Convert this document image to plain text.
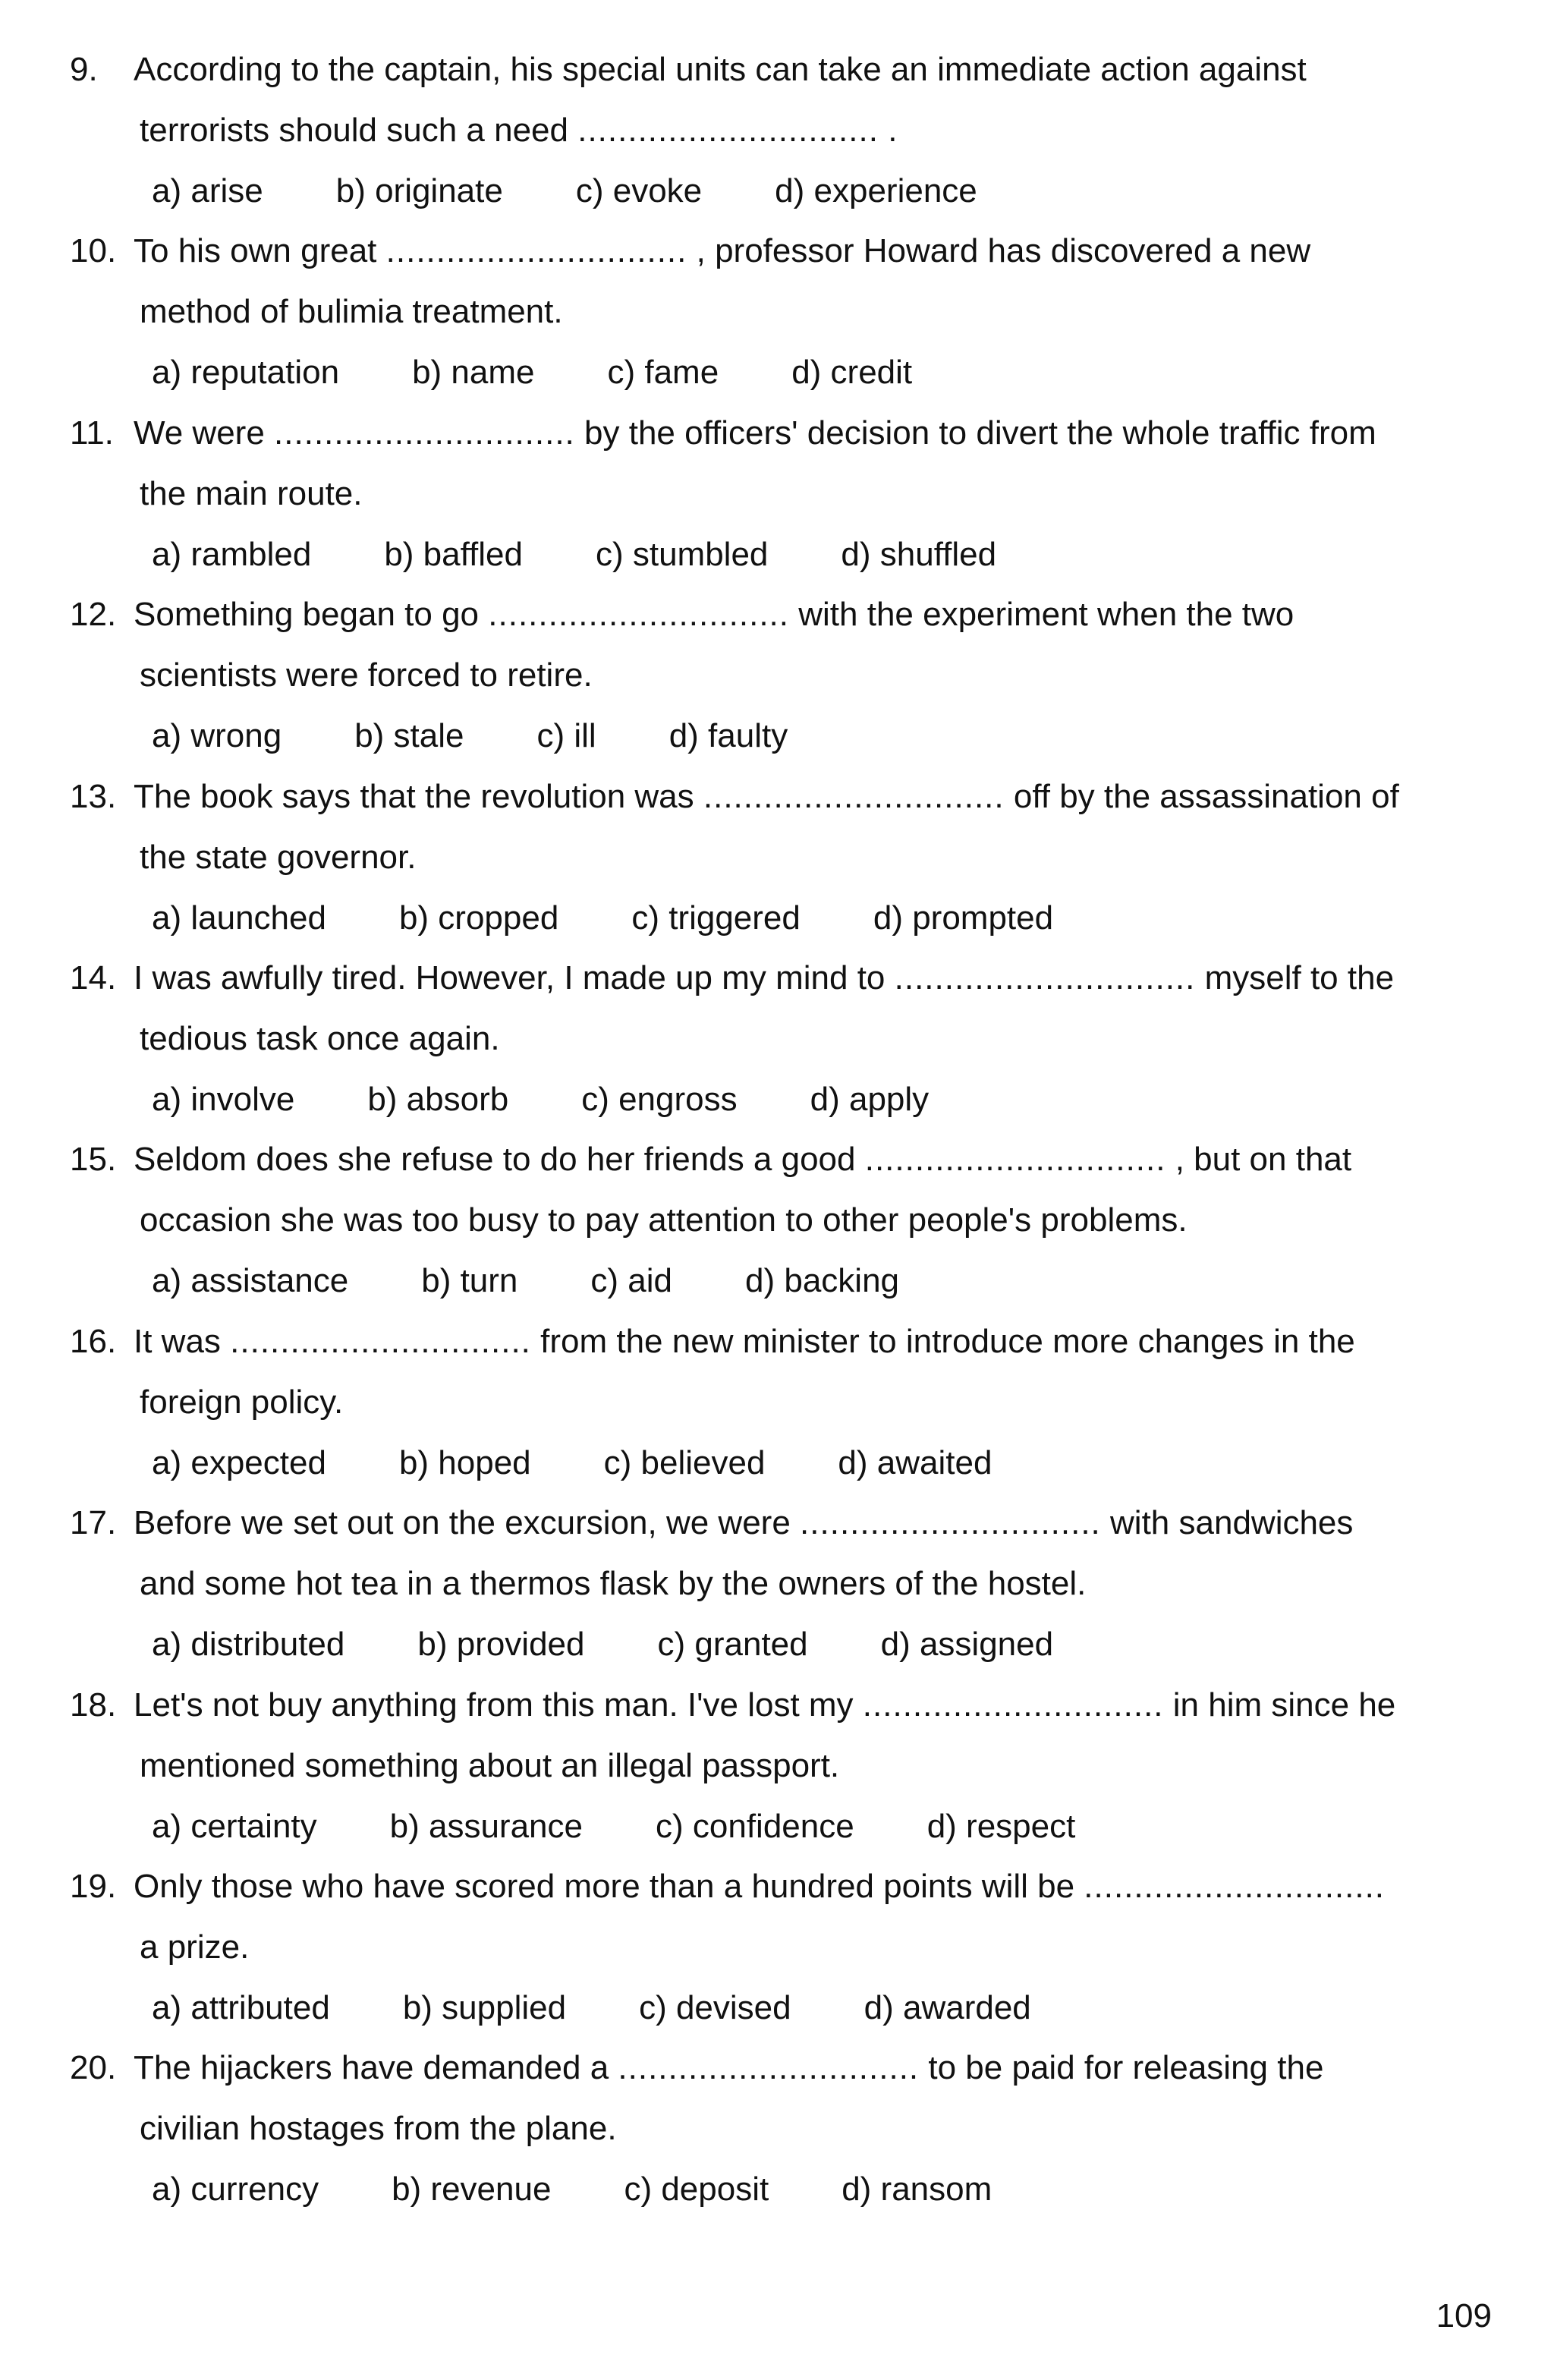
9. According to the captain, his special units can take an immediate action against
terrorists should such a need .............................. .
a) arise b) originate c) evoke d) experience
10. To his own great .............................. , professor Howard has discovered a new
method of bulimia treatment.
a) reputation b) name c) fame d) credit
11. We were .............................. by the officers' decision to divert the whole traffic from
the main route.
a) rambled b) baffled c) stumbled d) shuffled
12. Something began to go .............................. with the experiment when the two
scientists were forced to retire.
a) wrong b) stale c) ill d) faulty
13. The book says that the revolution was .............................. off by the assassination of
the state governor.
a) launched b) cropped c) triggered d) prompted
14. I was awfully tired. However, I made up my mind to .............................. myself to the
tedious task once again.
a) involve b) absorb c) engross d) apply
15. Seldom does she refuse to do her friends a good .............................. , but on that
occasion she was too busy to pay attention to other people's problems.
a) assistance b) turn c) aid d) backing
16. It was .............................. from the new minister to introduce more changes in the
foreign policy.
a) expected b) hoped c) believed d) awaited
17. Before we set out on the excursion, we were .............................. with sandwiches
and some hot tea in a thermos flask by the owners of the hostel.
a) distributed b) provided c) granted d) assigned
18. Let's not buy anything from this man. I've lost my .............................. in him since he
mentioned something about an illegal passport.
a) certainty b) assurance c) confidence d) respect
19. Only those who have scored more than a hundred points will be ..............................
a prize.
a) attributed b) supplied c) devised d) awarded
20. The hijackers have demanded a .............................. to be paid for releasing the
civilian hostages from the plane.
a) currency b) revenue c) deposit d) ransom
109
